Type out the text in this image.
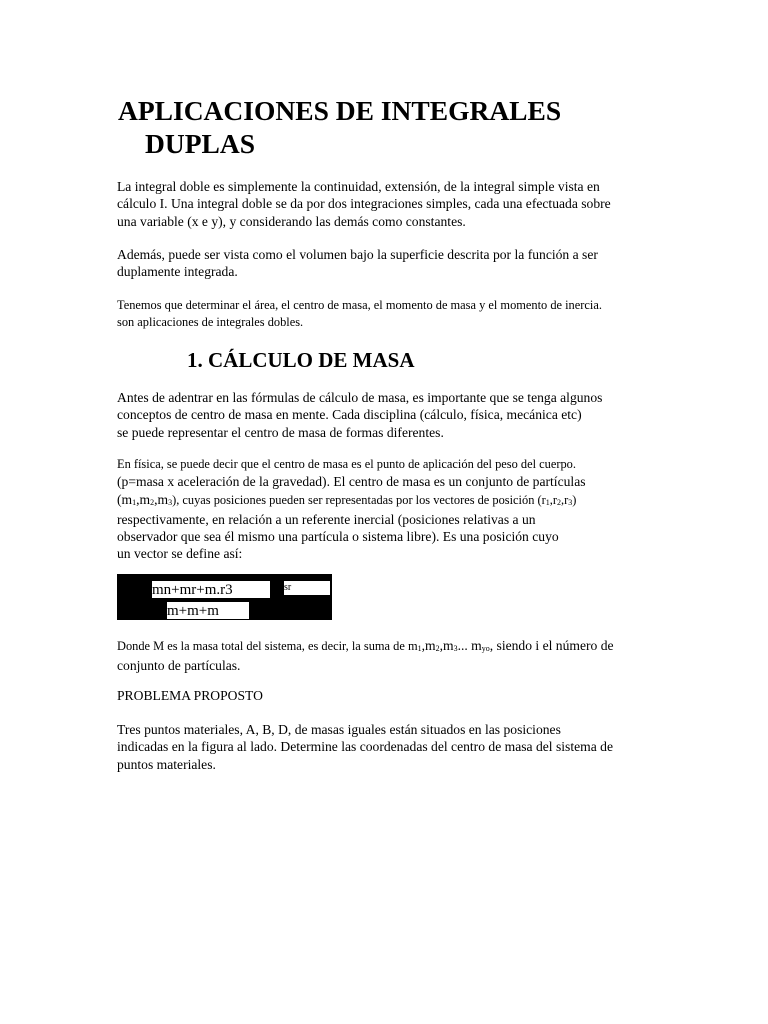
APLICACIONES DE INTEGRALES
DUPLAS

La integral doble es simplemente la continuidad, extensión, de la integral simple vista en
cálculo I. Una integral doble se da por dos integraciones simples, cada una efectuada sobre
una variable (x e y), y considerando las demás como constantes.

Además, puede ser vista como el volumen bajo la superficie descrita por la función a ser
duplamente integrada.

Tenemos que determinar el área, el centro de masa, el momento de masa y el momento de inercia.
son aplicaciones de integrales dobles.

1. CÁLCULO DE MASA

Antes de adentrar en las fórmulas de cálculo de masa, es importante que se tenga algunos
conceptos de centro de masa en mente. Cada disciplina (cálculo, física, mecánica etc)
se puede representar el centro de masa de formas diferentes.

En física, se puede decir que el centro de masa es el punto de aplicación del peso del cuerpo.
(p=masa x aceleración de la gravedad). El centro de masa es un conjunto de partículas
(m1,m2,m3), cuyas posiciones pueden ser representadas por los vectores de posición (r1,r2,r3)
respectivamente, en relación a un referente inercial (posiciones relativas a un
observador que sea él mismo una partícula o sistema libre). Es una posición cuyo
un vector se define así:

mn+mr+m.r3	sr
m+m+m

Donde M es la masa total del sistema, es decir, la suma de m1,m2,m3... myo, siendo i el número de
conjunto de partículas.

PROBLEMA PROPOSTO

Tres puntos materiales, A, B, D, de masas iguales están situados en las posiciones
indicadas en la figura al lado. Determine las coordenadas del centro de masa del sistema de
puntos materiales.
